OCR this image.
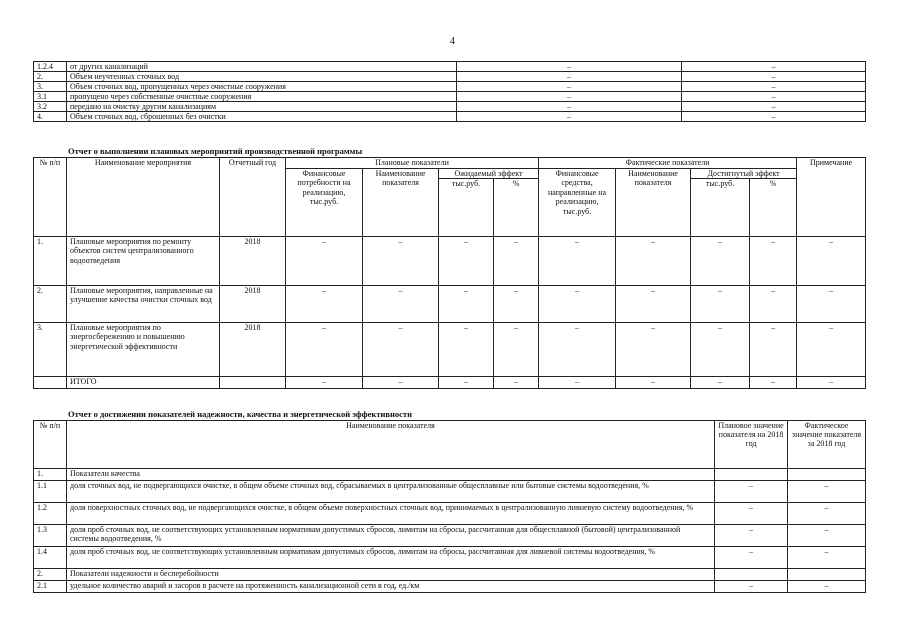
4
1.2.4	от других канализаций	–	–
2.	Объем неучтенных сточных вод	–	–
3.	Объем сточных вод, пропущенных через очистные сооружения	–	–
3.1	пропущено через собственные очистные сооружения	–	–
3.2	передано на очистку другим канализациям	–	–
4.	Объем сточных вод, сброшенных без очистки	–	–
Отчет о выполнении плановых мероприятий производственной программы
№ п/п	Наименование мероприятия	Отчетный год	Плановые показатели				Фактические показатели				Примечание
			Финансовые потребности на реализацию, тыс.руб.	Наименование показателя	Ожидаемый эффект		Финансовые средства, направленные на реализацию, тыс.руб.	Наименование показателя	Достигнутый эффект		
					тыс.руб.	%			тыс.руб.	%	
1.	Плановые мероприятия по ремонту объектов систем централизованного водоотведения	2018	–	–	–	–	–	–	–	–	–
2.	Плановые мероприятия, направленные на улучшение качества очистки сточных вод	2018	–	–	–	–	–	–	–	–	–
3.	Плановые мероприятия по энергосбережению и повышению энергетической эффективности	2018	–	–	–	–	–	–	–	–	–
	ИТОГО		–	–	–	–	–	–	–	–	–
Отчет о достижении показателей надежности, качества и энергетической эффективности
№ п/п	Наименование показателя	Плановое значение показателя на 2018 год	Фактическое значение показателя за 2018 год
1.	Показатели качества		
1.1	доля сточных вод, не подвергающихся очистке, в общем объеме сточных вод, сбрасываемых в централизованные общесплавные или бытовые системы водоотведения, %	–	–
1.2	доля поверхностных сточных вод, не подвергающихся очистке, в общем объеме поверхностных сточных вод, принимаемых в централизованную ливневую систему водоотведения, %	–	–
1.3	доля проб сточных вод, не соответствующих установленным нормативам допустимых сбросов, лимитам на сбросы, рассчитанная для общесплавной (бытовой) централизованной системы водоотведения, %	–	–
1.4	доля проб сточных вод, не соответствующих установленным нормативам допустимых сбросов, лимитам на сбросы, рассчитанная для ливневой системы водоотведения, %	–	–
2.	Показатели надежности и бесперебойности		
2.1	удельное количество аварий и засоров в расчете на протяженность канализационной сети в год, ед./км	–	–
